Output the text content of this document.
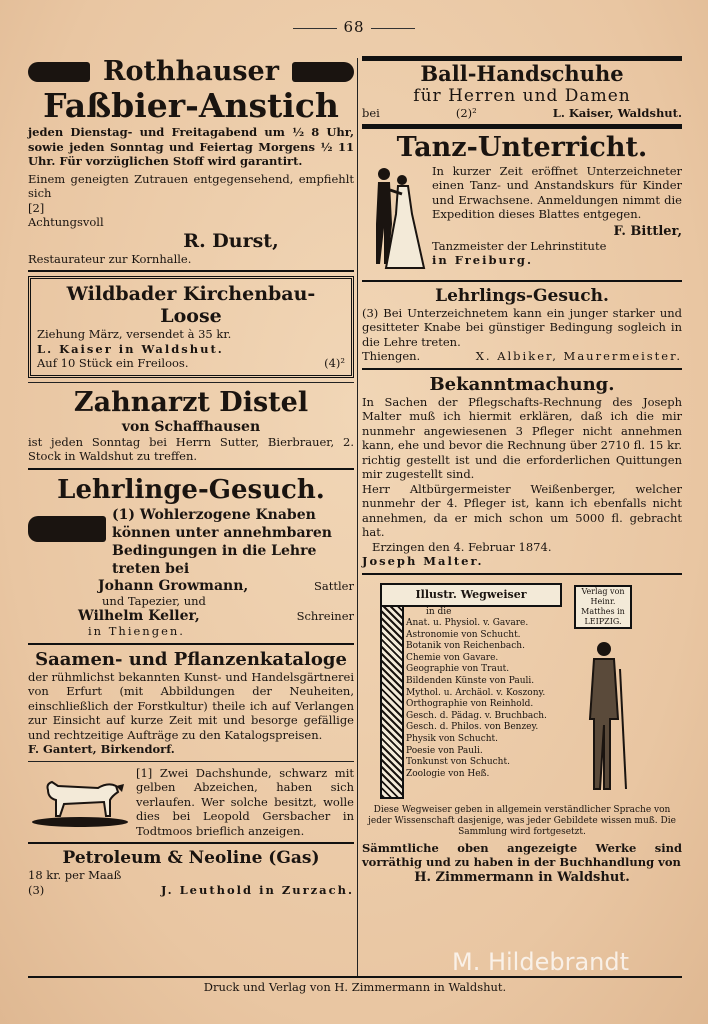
68
Rothhauser
Faßbier-Anstich
jeden Dienstag- und Freitagabend um ½ 8 Uhr, sowie jeden Sonntag und Feiertag Morgens ½ 11 Uhr. Für vorzüglichen Stoff wird garantirt.
Einem geneigten Zutrauen entgegensehend, empfiehlt sich
[2]
Achtungsvoll
R. Durst,
Restaurateur zur Kornhalle.
Wildbader Kirchenbau-Loose
Ziehung März, versendet à 35 kr.
L. Kaiser in Waldshut.
Auf 10 Stück ein Freiloos.	(4)²
Zahnarzt Distel
von Schaffhausen
ist jeden Sonntag bei Herrn Sutter, Bierbrauer, 2. Stock in Waldshut zu treffen.
Lehrlinge-Gesuch.
(1) Wohlerzogene Knaben können unter annehmbaren Bedingungen in die Lehre treten bei
Johann Growmann,	Sattler
und Tapezier, und
Wilhelm Keller,	Schreiner
in Thiengen.
Saamen- und Pflanzenkataloge
der rühmlichst bekannten Kunst- und Handelsgärtnerei von Erfurt (mit Abbildungen der Neuheiten, einschließlich der Forstkultur) theile ich auf Verlangen zur Einsicht auf kurze Zeit mit und besorge gefällige und rechtzeitige Aufträge zu den Katalogspreisen.
F. Gantert, Birkendorf.
[1] Zwei Dachshunde, schwarz mit gelben Abzeichen, haben sich verlaufen. Wer solche besitzt, wolle dies bei Leopold Gersbacher in Todtmoos brieflich anzeigen.
Petroleum & Neoline (Gas)
18 kr. per Maaß
(3)	J. Leuthold in Zurzach.
Ball-Handschuhe
für Herren und Damen
bei	(2)²	L. Kaiser, Waldshut.
Tanz-Unterricht.
In kurzer Zeit eröffnet Unterzeichneter einen Tanz- und Anstandskurs für Kinder und Erwachsene. Anmeldungen nimmt die Expedition dieses Blattes entgegen.
F. Bittler,
Tanzmeister der Lehrinstitute
in Freiburg.
Lehrlings-Gesuch.
(3) Bei Unterzeichnetem kann ein junger starker und gesitteter Knabe bei günstiger Bedingung sogleich in die Lehre treten.
Thiengen.	X. Albiker, Maurermeister.
Bekanntmachung.
In Sachen der Pflegschafts-Rechnung des Joseph Malter muß ich hiermit erklären, daß ich die mir nunmehr angewiesenen 3 Pfleger nicht annehmen kann, ehe und bevor die Rechnung über 2710 fl. 15 kr. richtig gestellt ist und die erforderlichen Quittungen mir zugestellt sind.
Herr Altbürgermeister Weißenberger, welcher nunmehr der 4. Pfleger ist, kann ich ebenfalls nicht annehmen, da er mich schon um 5000 fl. gebracht hat.
Erzingen den 4. Februar 1874.
Joseph Malter.
Illustr. Wegweiser	Verlag von Heinr. Matthes in LEIPZIG.
in die
Anat. u. Physiol. v. Gavare.
Astronomie von Schucht.
Botanik von Reichenbach.
Chemie von Gavare.
Geographie von Traut.
Bildenden Künste von Pauli.
Mythol. u. Archäol. v. Koszony.
Orthographie von Reinhold.
Gesch. d. Pädag. v. Bruchbach.
Gesch. d. Philos. von Benzey.
Physik von Schucht.
Poesie von Pauli.
Tonkunst von Schucht.
Zoologie von Heß.
Diese Wegweiser geben in allgemein verständlicher Sprache von jeder Wissenschaft dasjenige, was jeder Gebildete wissen muß. Die Sammlung wird fortgesetzt.
Sämmtliche oben angezeigte Werke sind vorräthig und zu haben in der Buchhandlung von
H. Zimmermann in Waldshut.
Druck und Verlag von H. Zimmermann in Waldshut.
M. Hildebrandt
